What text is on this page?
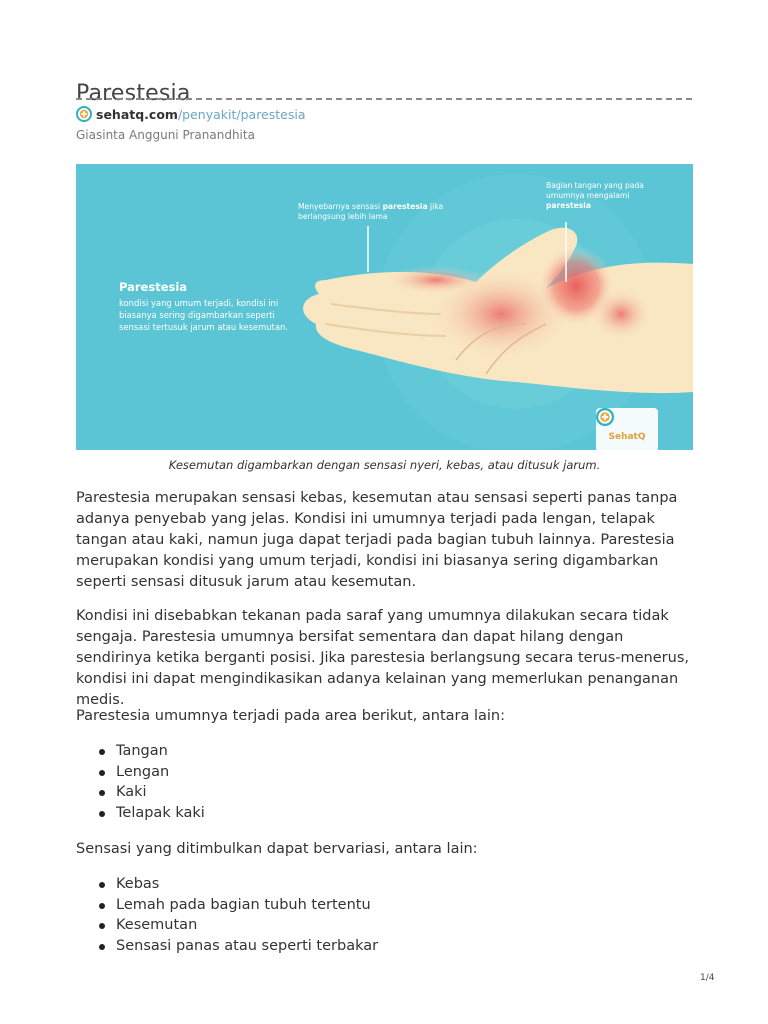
Parestesia
sehatq.com /penyakit/parestesia
Giasinta Angguni Pranandhita
Parestesia
kondisi yang umum terjadi, kondisi ini biasanya sering digambarkan seperti sensasi tertusuk jarum atau kesemutan.
Menyebarnya sensasi parestesia jika berlangsung lebih lama
Bagian tangan yang pada umumnya mengalami parestesia
SehatQ
Kesemutan digambarkan dengan sensasi nyeri, kebas, atau ditusuk jarum.

Parestesia merupakan sensasi kebas, kesemutan atau sensasi seperti panas tanpa adanya penyebab yang jelas. Kondisi ini umumnya terjadi pada lengan, telapak tangan atau kaki, namun juga dapat terjadi pada bagian tubuh lainnya. Parestesia merupakan kondisi yang umum terjadi, kondisi ini biasanya sering digambarkan seperti sensasi ditusuk jarum atau kesemutan.

Kondisi ini disebabkan tekanan pada saraf yang umumnya dilakukan secara tidak sengaja. Parestesia umumnya bersifat sementara dan dapat hilang dengan sendirinya ketika berganti posisi. Jika parestesia berlangsung secara terus-menerus, kondisi ini dapat mengindikasikan adanya kelainan yang memerlukan penanganan medis.

Parestesia umumnya terjadi pada area berikut, antara lain:

Tangan
Lengan
Kaki
Telapak kaki

Sensasi yang ditimbulkan dapat bervariasi, antara lain:

Kebas
Lemah pada bagian tubuh tertentu
Kesemutan
Sensasi panas atau seperti terbakar
1/4
